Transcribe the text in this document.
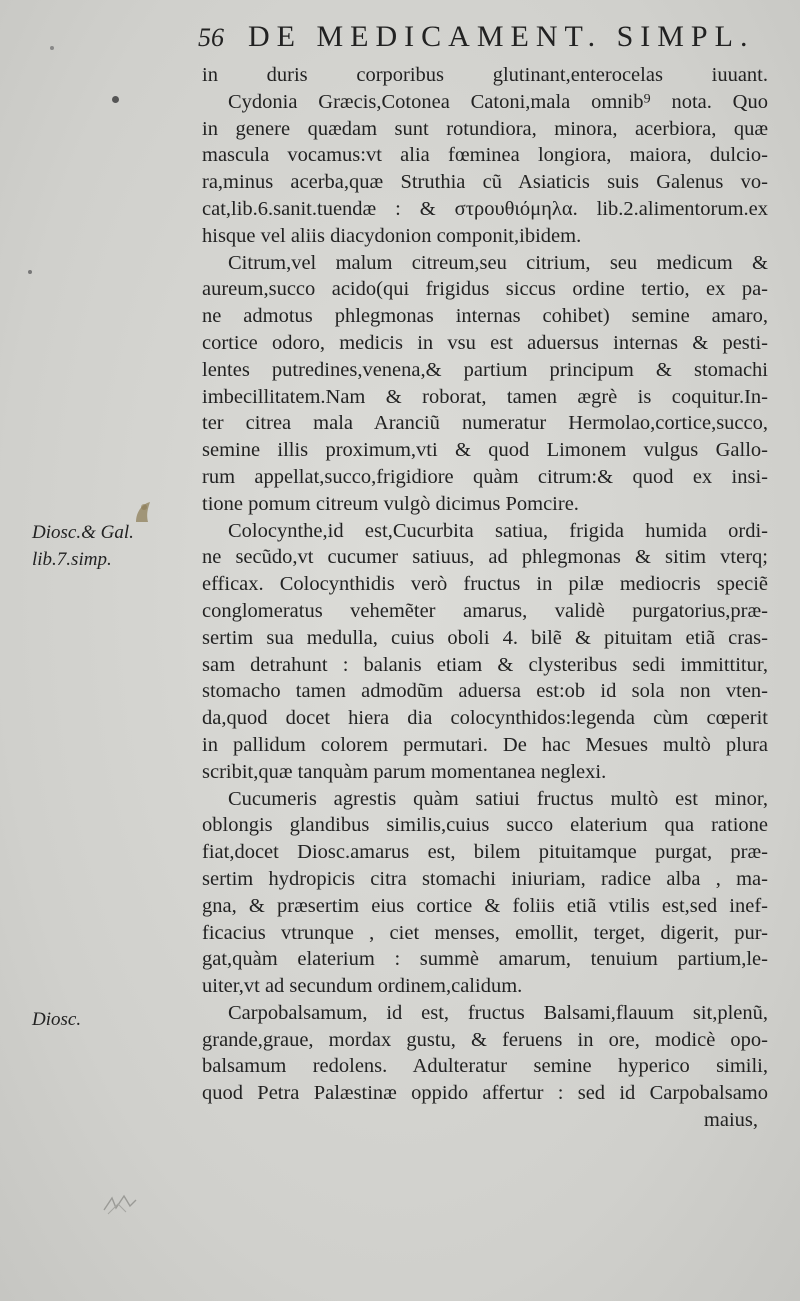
56 DE MEDICAMENT. SIMPL.
Diosc.& Gal.
lib.7.simp.
Diosc.
in duris corporibus glutinant,enterocelas iuuant.
Cydonia Græcis,Cotonea Catoni,mala omnib⁹ nota. Quo
in genere quædam sunt rotundiora, minora, acerbiora, quæ
mascula vocamus:vt alia fœminea longiora, maiora, dulcio-
ra,minus acerba,quæ Struthia cũ Asiaticis suis Galenus vo-
cat,lib.6.sanit.tuendæ : & στρουθιόμηλα. lib.2.alimentorum.ex
hisque vel aliis diacydonion componit,ibidem.
Citrum,vel malum citreum,seu citrium, seu medicum &
aureum,succo acido(qui frigidus siccus ordine tertio, ex pa-
ne admotus phlegmonas internas cohibet) semine amaro,
cortice odoro, medicis in vsu est aduersus internas & pesti-
lentes putredines,venena,& partium principum & stomachi
imbecillitatem.Nam & roborat, tamen ægrè is coquitur.In-
ter citrea mala Aranciũ numeratur Hermolao,cortice,succo,
semine illis proximum,vti & quod Limonem vulgus Gallo-
rum appellat,succo,frigidiore quàm citrum:& quod ex insi-
tione pomum citreum vulgò dicimus Pomcire.
Colocynthe,id est,Cucurbita satiua, frigida humida ordi-
ne secũdo,vt cucumer satiuus, ad phlegmonas & sitim vterq;
efficax. Colocynthidis verò fructus in pilæ mediocris speciẽ
conglomeratus vehemẽter amarus, validè purgatorius,præ-
sertim sua medulla, cuius oboli 4. bilẽ & pituitam etiã cras-
sam detrahunt : balanis etiam & clysteribus sedi immittitur,
stomacho tamen admodũm aduersa est:ob id sola non vten-
da,quod docet hiera dia colocynthidos:legenda cùm cœperit
in pallidum colorem permutari. De hac Mesues multò plura
scribit,quæ tanquàm parum momentanea neglexi.
Cucumeris agrestis quàm satiui fructus multò est minor,
oblongis glandibus similis,cuius succo elaterium qua ratione
fiat,docet Diosc.amarus est, bilem pituitamque purgat, præ-
sertim hydropicis citra stomachi iniuriam, radice alba , ma-
gna, & præsertim eius cortice & foliis etiã vtilis est,sed inef-
ficacius vtrunque , ciet menses, emollit, terget, digerit, pur-
gat,quàm elaterium : summè amarum, tenuium partium,le-
uiter,vt ad secundum ordinem,calidum.
Carpobalsamum, id est, fructus Balsami,flauum sit,plenũ,
grande,graue, mordax gustu, & feruens in ore, modicè opo-
balsamum redolens. Adulteratur semine hyperico simili,
quod Petra Palæstinæ oppido affertur : sed id Carpobalsamo
maius,
